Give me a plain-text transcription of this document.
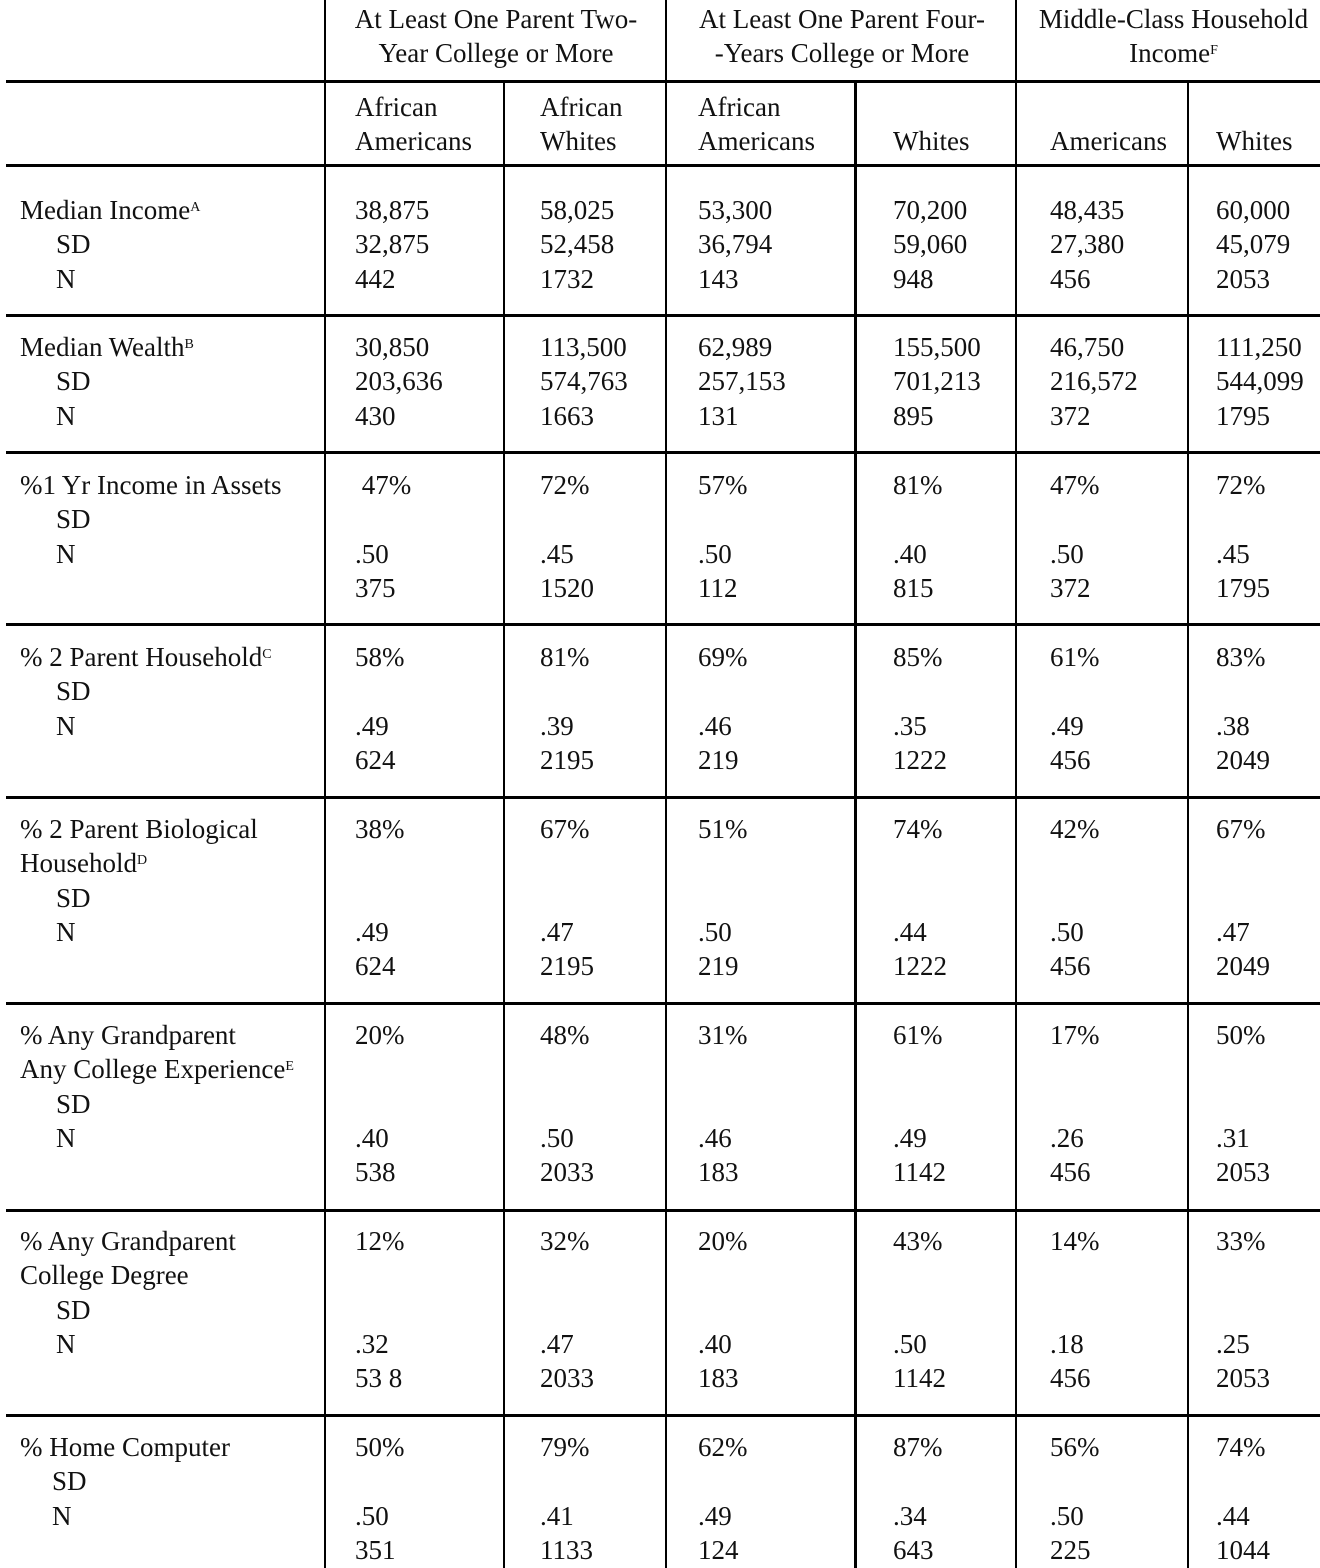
At Least One Parent Two-
Year College or More
At Least One Parent Four-
-Years College or More
Middle-Class Household
Income$^F$
African
Americans
African
Whites
African
Americans	Whites	Americans Whites
Median Income$^A$
SD
N
38,875
32,875
442
58,025
52,458
1732
53,300
36,794
143
70,200
59,060
948
48,435
27,380
456
60,000
45,079
2053
Median Wealth$^B$
SD
N
30,850
203,636
430
113,500
574,763
1663
62,989
257,153
131
155,500
701,213
895
46,750
216,572
372
111,250
544,099
1795
%1 Yr Income in Assets
SD
N
47%
.50
375
72%
.45
1520
57%
.50
112
81%
.40
815
47%
.50
372
72%
.45
1795
% 2 Parent Household$^C$
SD
N
58%
.49
624
81%
.39
2195
69%
.46
219
85%
.35
1222
61%
.49
456
83%
.38
2049
% 2 Parent Biological
Household$^D$
SD
N
38%
.49
624
67%
.47
2195
51%
.50
219
74%
.44
1222
42%
.50
456
67%
.47
2049
% Any Grandparent
Any College Experience$^E$
SD
N
20%
.40
538
48%
.50
2033
31%
.46
183
61%
.49
1142
17%
.26
456
50%
.31
2053
% Any Grandparent
College Degree
SD
N
12%
.32
53 8
32%
.47
2033
20%
.40
183
43%
.50
1142
14%
.18
456
33%
.25
2053
% Home Computer
SD
N
50%
.50
351
79%
.41
1133
62%
.49
124
87%
.34
643
56%
.50
225
74%
.44
1044
